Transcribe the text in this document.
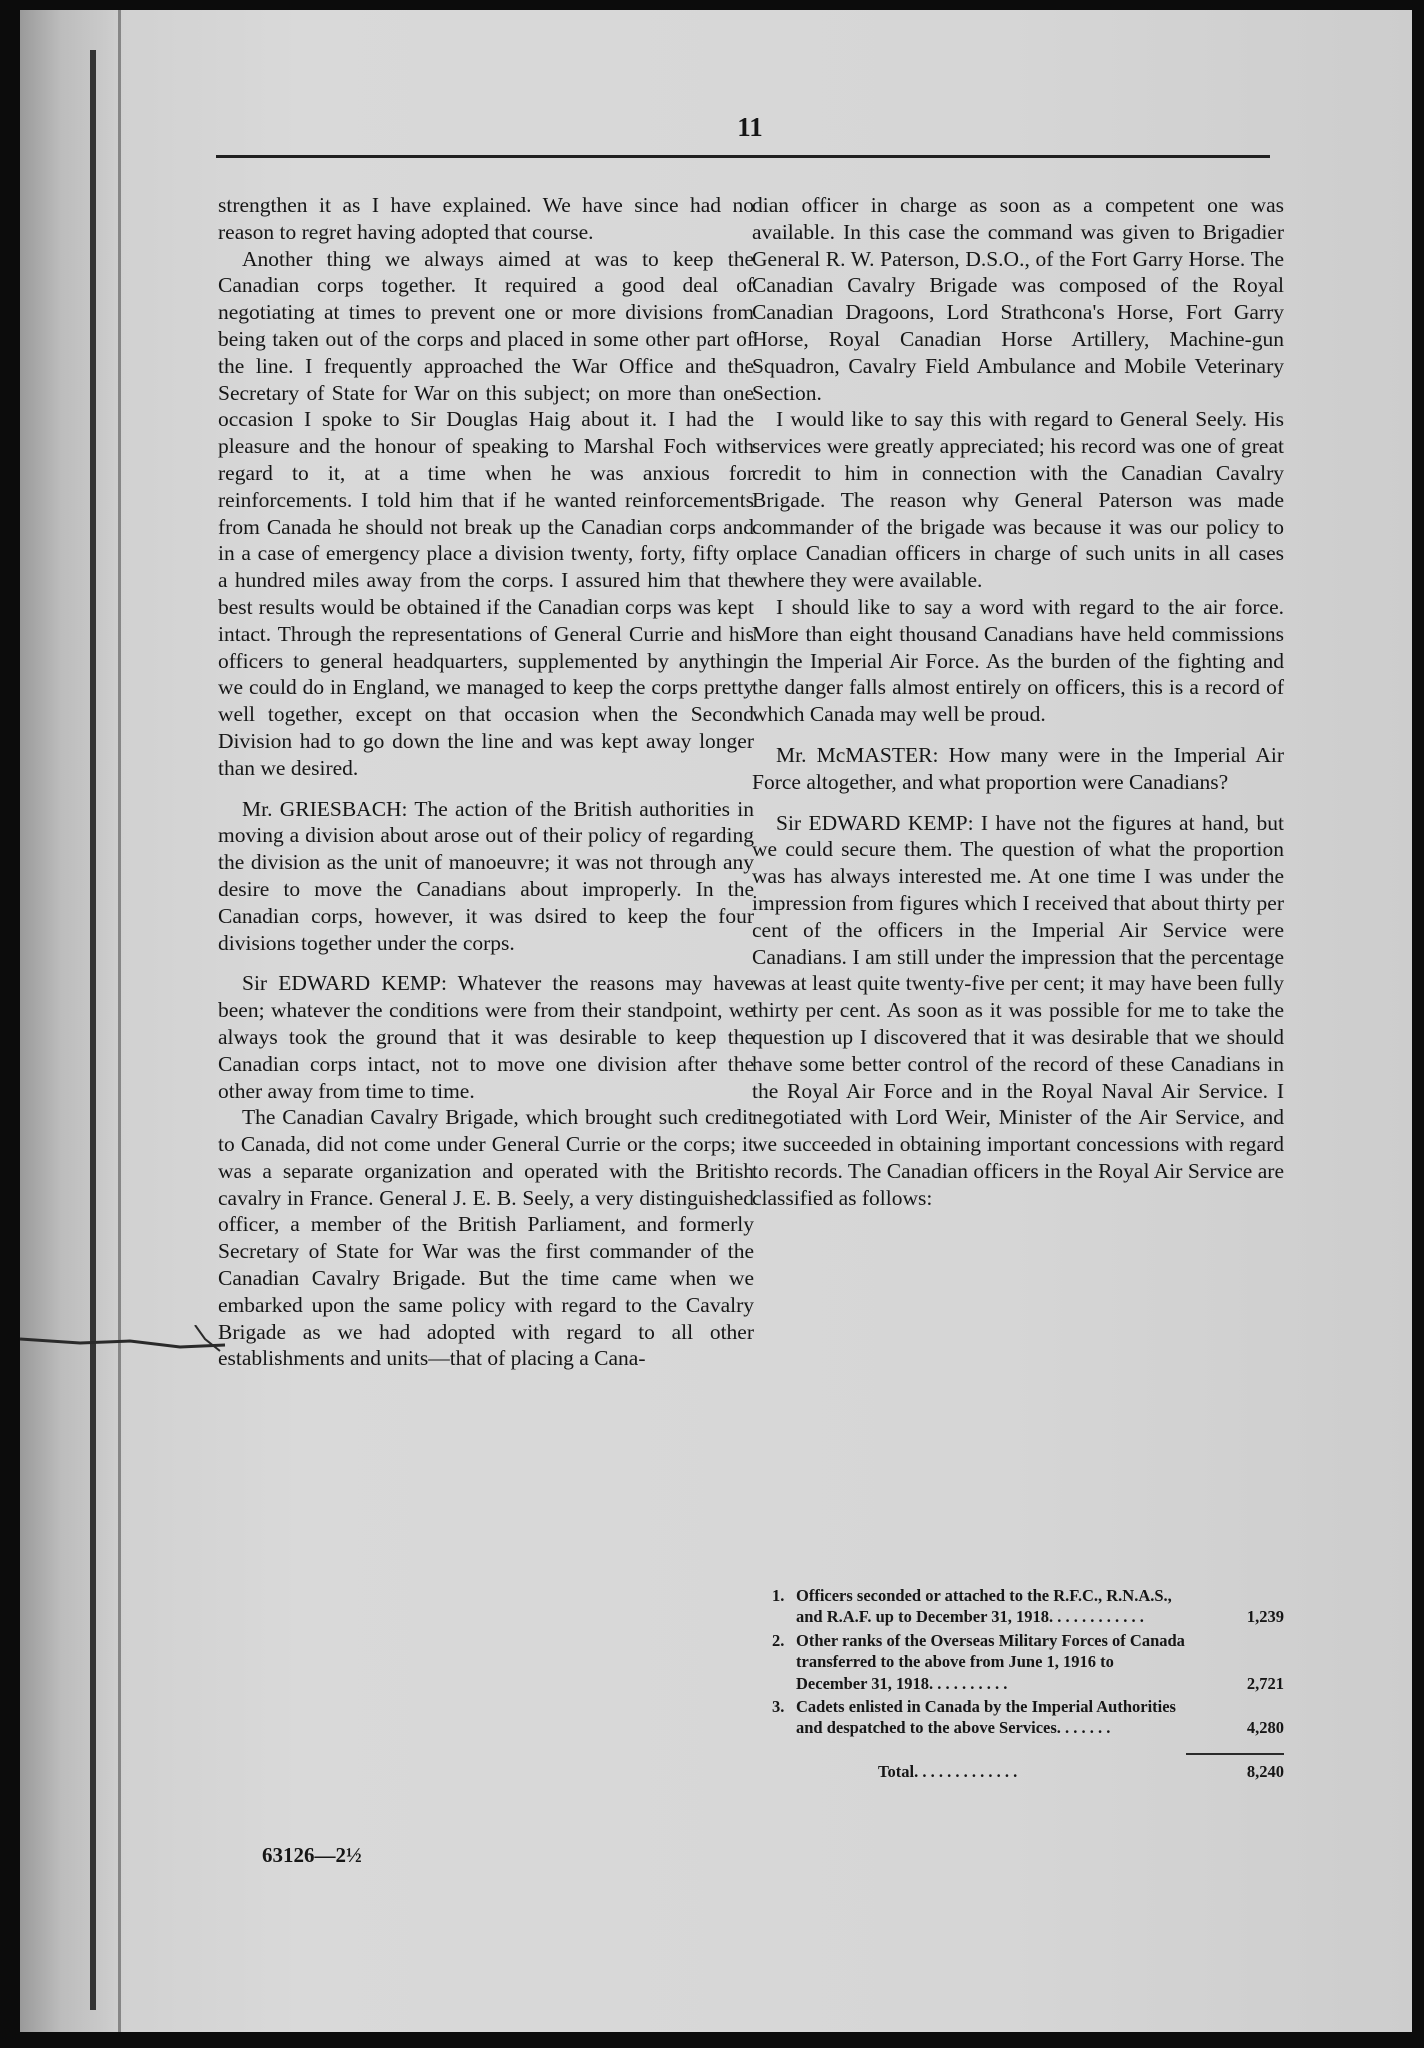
11

strengthen it as I have explained. We have since had no reason to regret having adopted that course.

Another thing we always aimed at was to keep the Canadian corps together. It required a good deal of negotiating at times to prevent one or more divisions from being taken out of the corps and placed in some other part of the line. I frequently approached the War Office and the Secretary of State for War on this subject; on more than one occasion I spoke to Sir Douglas Haig about it. I had the pleasure and the honour of speaking to Marshal Foch with regard to it, at a time when he was anxious for reinforcements. I told him that if he wanted reinforcements from Canada he should not break up the Canadian corps and in a case of emergency place a division twenty, forty, fifty or a hundred miles away from the corps. I assured him that the best results would be obtained if the Canadian corps was kept intact. Through the representations of General Currie and his officers to general headquarters, supplemented by anything we could do in England, we managed to keep the corps pretty well together, except on that occasion when the Second Division had to go down the line and was kept away longer than we desired.

Mr. GRIESBACH: The action of the British authorities in moving a division about arose out of their policy of regarding the division as the unit of manoeuvre; it was not through any desire to move the Canadians about improperly. In the Canadian corps, however, it was dsired to keep the four divisions together under the corps.

Sir EDWARD KEMP: Whatever the reasons may have been; whatever the conditions were from their standpoint, we always took the ground that it was desirable to keep the Canadian corps intact, not to move one division after the other away from time to time.

The Canadian Cavalry Brigade, which brought such credit to Canada, did not come under General Currie or the corps; it was a separate organization and operated with the British cavalry in France. General J. E. B. Seely, a very distinguished officer, a member of the British Parliament, and formerly Secretary of State for War was the first commander of the Canadian Cavalry Brigade. But the time came when we embarked upon the same policy with regard to the Cavalry Brigade as we had adopted with regard to all other establishments and units—that of placing a Cana-

dian officer in charge as soon as a competent one was available. In this case the command was given to Brigadier General R. W. Paterson, D.S.O., of the Fort Garry Horse. The Canadian Cavalry Brigade was composed of the Royal Canadian Dragoons, Lord Strathcona's Horse, Fort Garry Horse, Royal Canadian Horse Artillery, Machine-gun Squadron, Cavalry Field Ambulance and Mobile Veterinary Section.

I would like to say this with regard to General Seely. His services were greatly appreciated; his record was one of great credit to him in connection with the Canadian Cavalry Brigade. The reason why General Paterson was made commander of the brigade was because it was our policy to place Canadian officers in charge of such units in all cases where they were available.

I should like to say a word with regard to the air force. More than eight thousand Canadians have held commissions in the Imperial Air Force. As the burden of the fighting and the danger falls almost entirely on officers, this is a record of which Canada may well be proud.

Mr. McMASTER: How many were in the Imperial Air Force altogether, and what proportion were Canadians?

Sir EDWARD KEMP: I have not the figures at hand, but we could secure them. The question of what the proportion was has always interested me. At one time I was under the impression from figures which I received that about thirty per cent of the officers in the Imperial Air Service were Canadians. I am still under the impression that the percentage was at least quite twenty-five per cent; it may have been fully thirty per cent. As soon as it was possible for me to take the question up I discovered that it was desirable that we should have some better control of the record of these Canadians in the Royal Air Force and in the Royal Naval Air Service. I negotiated with Lord Weir, Minister of the Air Service, and we succeeded in obtaining important concessions with regard to records. The Canadian officers in the Royal Air Service are classified as follows:

1. Officers seconded or attached to the R.F.C., R.N.A.S., and R.A.F. up to December 31, 1918. . . . . . . . . . . .	1,239
2. Other ranks of the Overseas Military Forces of Canada transferred to the above from June 1, 1916 to December 31, 1918. . . . . . . . . .	2,721
3. Cadets enlisted in Canada by the Imperial Authorities and despatched to the above Services. . . . . . .	4,280
Total. . . . . . . . . . . . .	8,240

63126—2½
